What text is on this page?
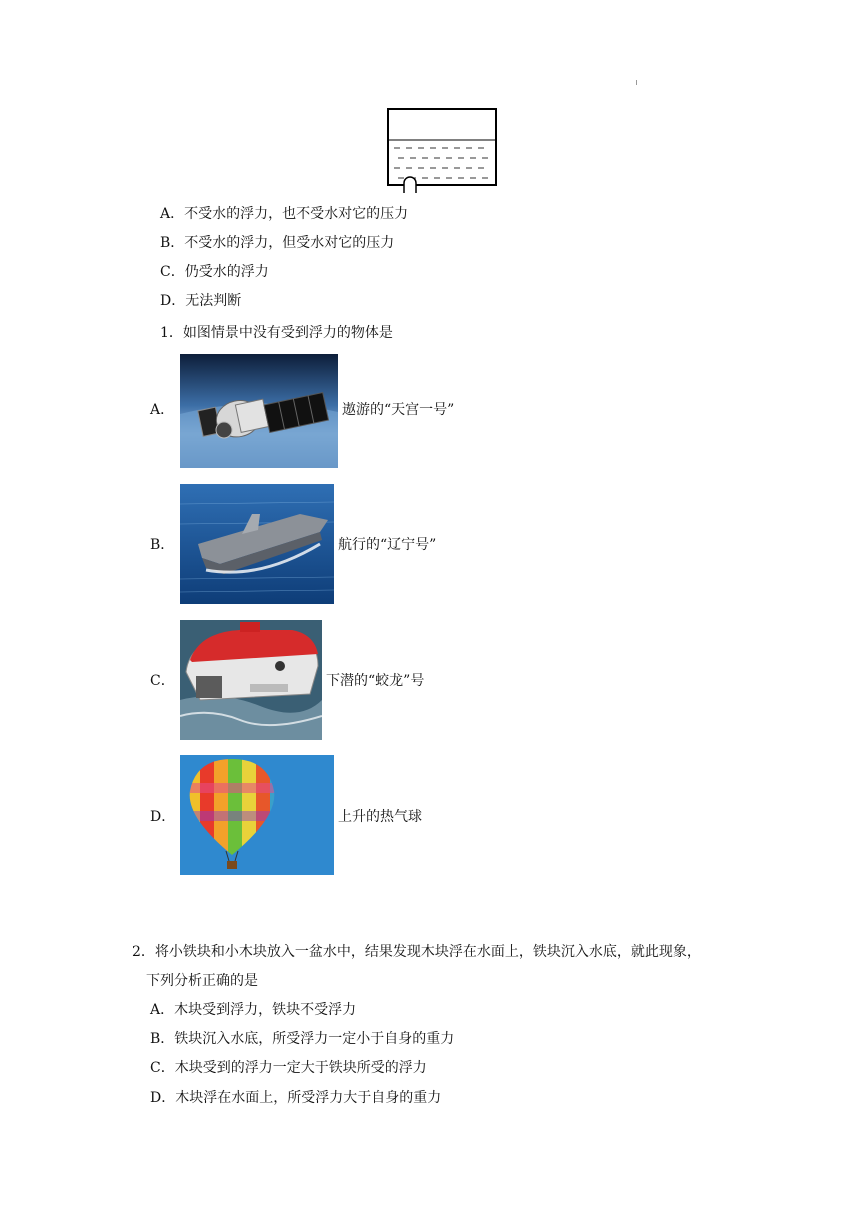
A．不受水的浮力，也不受水对它的压力
B．不受水的浮力，但受水对它的压力
C．仍受水的浮力
D．无法判断
1．如图情景中没有受到浮力的物体是
A．	遨游的“天宫一号”
B．	航行的“辽宁号”
C．	下潜的“蛟龙”号
D．	上升的热气球
2．将小铁块和小木块放入一盆水中，结果发现木块浮在水面上，铁块沉入水底，就此现象，
下列分析正确的是
A．木块受到浮力，铁块不受浮力
B．铁块沉入水底，所受浮力一定小于自身的重力
C．木块受到的浮力一定大于铁块所受的浮力
D．木块浮在水面上，所受浮力大于自身的重力
